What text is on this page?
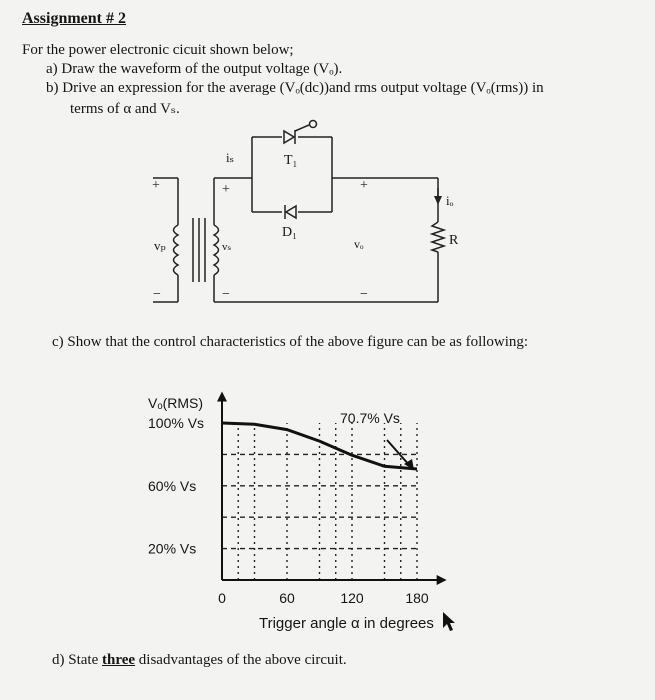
Assignment # 2
For the power electronic cicuit shown below;
a) Draw the waveform of the output voltage (Vₒ).
b) Drive an expression for the average (Vₒ(dc))and rms output voltage (Vₒ(rms)) in
terms of α and Vₛ.
c) Show that the control characteristics of the above figure can be as following:
d) State three disadvantages of the above circuit.
iₛ	T₁
D₁
vₚ	vₛ	vₒ
iₒ
R
+
−
+
−
+
−
Vₒ(RMS)
70.7% Vs
Trigger angle α in degrees
0	60	120	180
100% Vs
60% Vs
20% Vs
